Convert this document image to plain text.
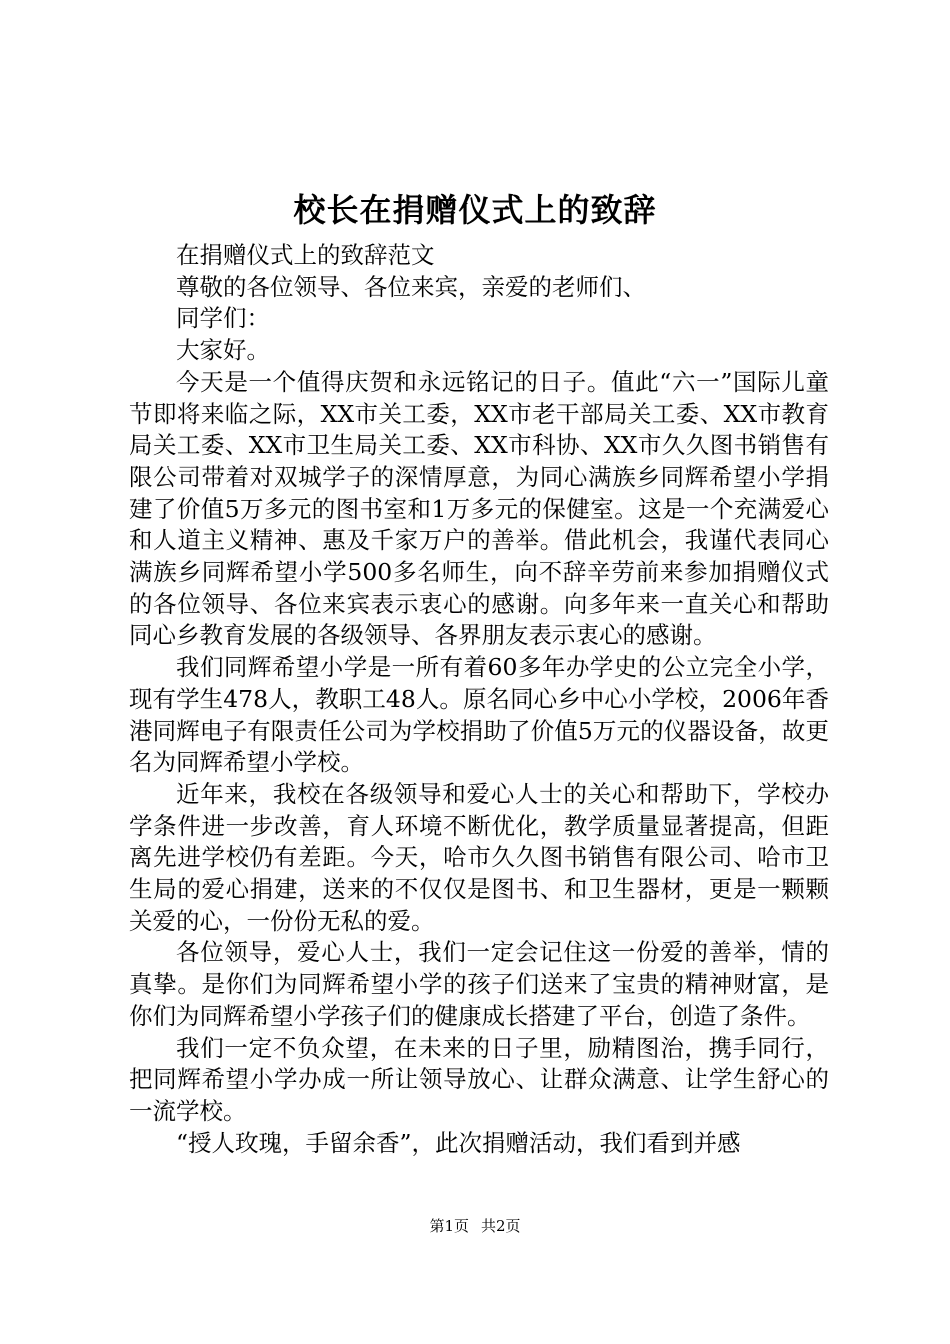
校长在捐赠仪式上的致辞

在捐赠仪式上的致辞范文

尊敬的各位领导、各位来宾，亲爱的老师们、

同学们：

大家好。

今天是一个值得庆贺和永远铭记的日子。值此“六一”国际儿童节即将来临之际，XX市关工委，XX市老干部局关工委、XX市教育局关工委、XX市卫生局关工委、XX市科协、XX市久久图书销售有限公司带着对双城学子的深情厚意，为同心满族乡同辉希望小学捐建了价值5万多元的图书室和1万多元的保健室。这是一个充满爱心和人道主义精神、惠及千家万户的善举。借此机会，我谨代表同心满族乡同辉希望小学500多名师生，向不辞辛劳前来参加捐赠仪式的各位领导、各位来宾表示衷心的感谢。向多年来一直关心和帮助同心乡教育发展的各级领导、各界朋友表示衷心的感谢。

我们同辉希望小学是一所有着60多年办学史的公立完全小学，现有学生478人，教职工48人。原名同心乡中心小学校，2006年香港同辉电子有限责任公司为学校捐助了价值5万元的仪器设备，故更名为同辉希望小学校。

近年来，我校在各级领导和爱心人士的关心和帮助下，学校办学条件进一步改善，育人环境不断优化，教学质量显著提高，但距离先进学校仍有差距。今天，哈市久久图书销售有限公司、哈市卫生局的爱心捐建，送来的不仅仅是图书、和卫生器材，更是一颗颗关爱的心，一份份无私的爱。

各位领导，爱心人士，我们一定会记住这一份爱的善举，情的真挚。是你们为同辉希望小学的孩子们送来了宝贵的精神财富，是你们为同辉希望小学孩子们的健康成长搭建了平台，创造了条件。

我们一定不负众望，在未来的日子里，励精图治，携手同行，把同辉希望小学办成一所让领导放心、让群众满意、让学生舒心的一流学校。

“授人玫瑰，手留余香”，此次捐赠活动，我们看到并感

第1页 共2页
